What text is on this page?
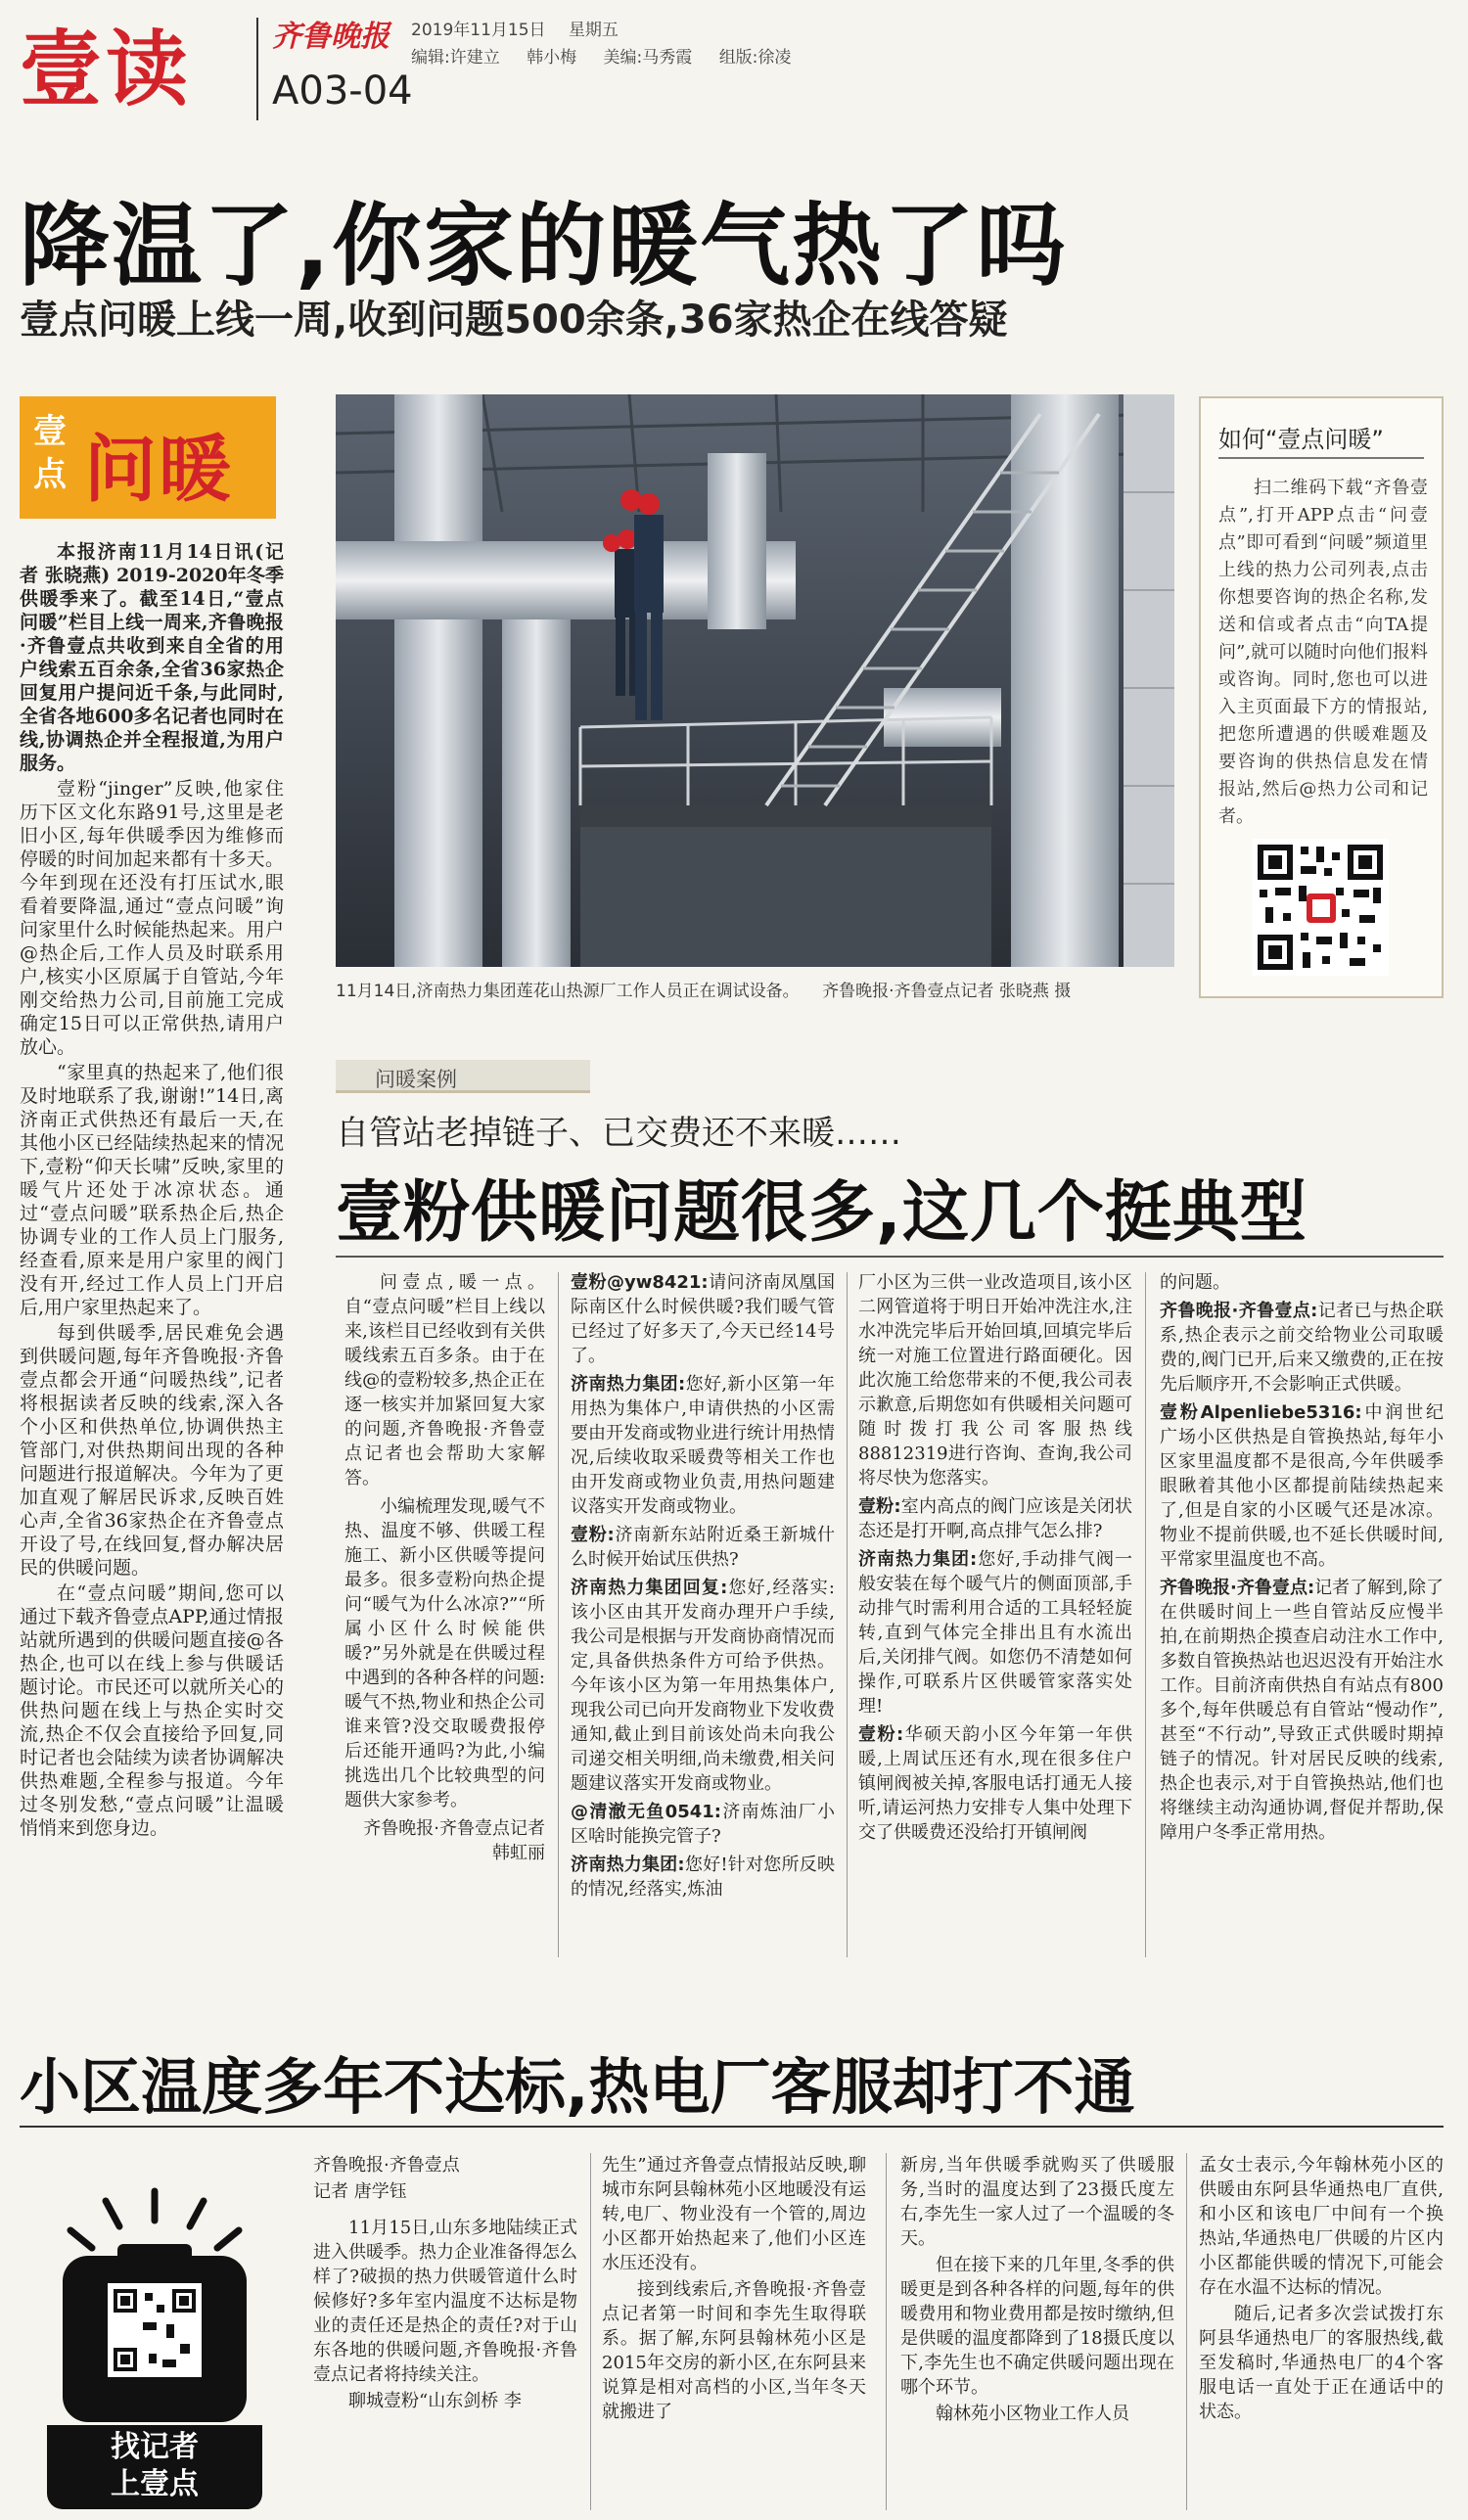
壹读	齐鲁晚报 2019年11月15日 星期五
编辑:许建立 韩小梅 美编:马秀霞 组版:徐凌
A03-04
降温了,你家的暖气热了吗
壹点问暖上线一周,收到问题500余条,36家热企在线答疑
壹点 问暖

本报济南11月14日讯(记者 张晓燕) 2019-2020年冬季供暖季来了。截至14日,“壹点问暖”栏目上线一周来,齐鲁晚报·齐鲁壹点共收到来自全省的用户线索五百余条,全省36家热企回复用户提问近千条,与此同时,全省各地600多名记者也同时在线,协调热企并全程报道,为用户服务。

壹粉“jinger”反映,他家住历下区文化东路91号,这里是老旧小区,每年供暖季因为维修而停暖的时间加起来都有十多天。今年到现在还没有打压试水,眼看着要降温,通过“壹点问暖”询问家里什么时候能热起来。用户@热企后,工作人员及时联系用户,核实小区原属于自管站,今年刚交给热力公司,目前施工完成确定15日可以正常供热,请用户放心。

“家里真的热起来了,他们很及时地联系了我,谢谢!”14日,离济南正式供热还有最后一天,在其他小区已经陆续热起来的情况下,壹粉“仰天长啸”反映,家里的暖气片还处于冰凉状态。通过“壹点问暖”联系热企后,热企协调专业的工作人员上门服务,经查看,原来是用户家里的阀门没有开,经过工作人员上门开启后,用户家里热起来了。

每到供暖季,居民难免会遇到供暖问题,每年齐鲁晚报·齐鲁壹点都会开通“问暖热线”,记者将根据读者反映的线索,深入各个小区和供热单位,协调供热主管部门,对供热期间出现的各种问题进行报道解决。今年为了更加直观了解居民诉求,反映百姓心声,全省36家热企在齐鲁壹点开设了号,在线回复,督办解决居民的供暖问题。

在“壹点问暖”期间,您可以通过下载齐鲁壹点APP,通过情报站就所遇到的供暖问题直接@各热企,也可以在线上参与供暖话题讨论。市民还可以就所关心的供热问题在线上与热企实时交流,热企不仅会直接给予回复,同时记者也会陆续为读者协调解决供热难题,全程参与报道。今年过冬别发愁,“壹点问暖”让温暖悄悄来到您身边。

11月14日,济南热力集团莲花山热源厂工作人员正在调试设备。 齐鲁晚报·齐鲁壹点记者 张晓燕 摄
如何“壹点问暖”
扫二维码下载“齐鲁壹点”,打开APP点击“问壹点”即可看到“问暖”频道里上线的热力公司列表,点击你想要咨询的热企名称,发送和信或者点击“向TA提问”,就可以随时向他们报料或咨询。同时,您也可以进入主页面最下方的情报站,把您所遭遇的供暖难题及要咨询的供热信息发在情报站,然后@热力公司和记者。
问暖案例
自管站老掉链子、已交费还不来暖……
壹粉供暖问题很多,这几个挺典型

问壹点,暖一点。自“壹点问暖”栏目上线以来,该栏目已经收到有关供暖线索五百多条。由于在线@的壹粉较多,热企正在逐一核实并加紧回复大家的问题,齐鲁晚报·齐鲁壹点记者也会帮助大家解答。

小编梳理发现,暖气不热、温度不够、供暖工程施工、新小区供暖等提问最多。很多壹粉向热企提问“暖气为什么冰凉?”“所属小区什么时候能供暖?”另外就是在供暖过程中遇到的各种各样的问题:暖气不热,物业和热企公司谁来管?没交取暖费报停后还能开通吗?为此,小编挑选出几个比较典型的问题供大家参考。

齐鲁晚报·齐鲁壹点记者 韩虹丽

壹粉@yw8421:请问济南凤凰国际南区什么时候供暖?我们暖气管已经过了好多天了,今天已经14号了。

济南热力集团:您好,新小区第一年用热为集体户,申请供热的小区需要由开发商或物业进行统计用热情况,后续收取采暖费等相关工作也由开发商或物业负责,用热问题建议落实开发商或物业。

壹粉:济南新东站附近桑王新城什么时候开始试压供热?

济南热力集团回复:您好,经落实:该小区由其开发商办理开户手续,我公司是根据与开发商协商情况而定,具备供热条件方可给予供热。今年该小区为第一年用热集体户,现我公司已向开发商物业下发收费通知,截止到目前该处尚未向我公司递交相关明细,尚未缴费,相关问题建议落实开发商或物业。

@清澈无鱼0541:济南炼油厂小区啥时能换完管子?

济南热力集团:您好!针对您所反映的情况,经落实,炼油

厂小区为三供一业改造项目,该小区二网管道将于明日开始冲洗注水,注水冲洗完毕后开始回填,回填完毕后统一对施工位置进行路面硬化。因此次施工给您带来的不便,我公司表示歉意,后期您如有供暖相关问题可随时拨打我公司客服热线88812319进行咨询、查询,我公司将尽快为您落实。

壹粉:室内高点的阀门应该是关闭状态还是打开啊,高点排气怎么排?

济南热力集团:您好,手动排气阀一般安装在每个暖气片的侧面顶部,手动排气时需利用合适的工具轻轻旋转,直到气体完全排出且有水流出后,关闭排气阀。如您仍不清楚如何操作,可联系片区供暖管家落实处理!

壹粉:华硕天韵小区今年第一年供暖,上周试压还有水,现在很多住户镇闸阀被关掉,客服电话打通无人接听,请运河热力安排专人集中处理下交了供暖费还没给打开镇闸阀

的问题。

齐鲁晚报·齐鲁壹点:记者已与热企联系,热企表示之前交给物业公司取暖费的,阀门已开,后来又缴费的,正在按先后顺序开,不会影响正式供暖。

壹粉Alpenliebe5316:中润世纪广场小区供热是自管换热站,每年小区家里温度都不是很高,今年供暖季眼瞅着其他小区都提前陆续热起来了,但是自家的小区暖气还是冰凉。物业不提前供暖,也不延长供暖时间,平常家里温度也不高。

齐鲁晚报·齐鲁壹点:记者了解到,除了在供暖时间上一些自管站反应慢半拍,在前期热企摸查启动注水工作中,多数自管换热站也迟迟没有开始注水工作。目前济南供热自有站点有800多个,每年供暖总有自管站“慢动作”,甚至“不行动”,导致正式供暖时期掉链子的情况。针对居民反映的线索,热企也表示,对于自管换热站,他们也将继续主动沟通协调,督促并帮助,保障用户冬季正常用热。

小区温度多年不达标,热电厂客服却打不通
找记者
上壹点

齐鲁晚报·齐鲁壹点

记者 唐学钰

11月15日,山东多地陆续正式进入供暖季。热力企业准备得怎么样了?破损的热力供暖管道什么时候修好?多年室内温度不达标是物业的责任还是热企的责任?对于山东各地的供暖问题,齐鲁晚报·齐鲁壹点记者将持续关注。

聊城壹粉“山东剑桥 李

先生”通过齐鲁壹点情报站反映,聊城市东阿县翰林苑小区地暖没有运转,电厂、物业没有一个管的,周边小区都开始热起来了,他们小区连水压还没有。

接到线索后,齐鲁晚报·齐鲁壹点记者第一时间和李先生取得联系。据了解,东阿县翰林苑小区是2015年交房的新小区,在东阿县来说算是相对高档的小区,当年冬天就搬进了

新房,当年供暖季就购买了供暖服务,当时的温度达到了23摄氏度左右,李先生一家人过了一个温暖的冬天。

但在接下来的几年里,冬季的供暖更是到各种各样的问题,每年的供暖费用和物业费用都是按时缴纳,但是供暖的温度都降到了18摄氏度以下,李先生也不确定供暖问题出现在哪个环节。

翰林苑小区物业工作人员

孟女士表示,今年翰林苑小区的供暖由东阿县华通热电厂直供,和小区和该电厂中间有一个换热站,华通热电厂供暖的片区内小区都能供暖的情况下,可能会存在水温不达标的情况。

随后,记者多次尝试拨打东阿县华通热电厂的客服热线,截至发稿时,华通热电厂的4个客服电话一直处于正在通话中的状态。
